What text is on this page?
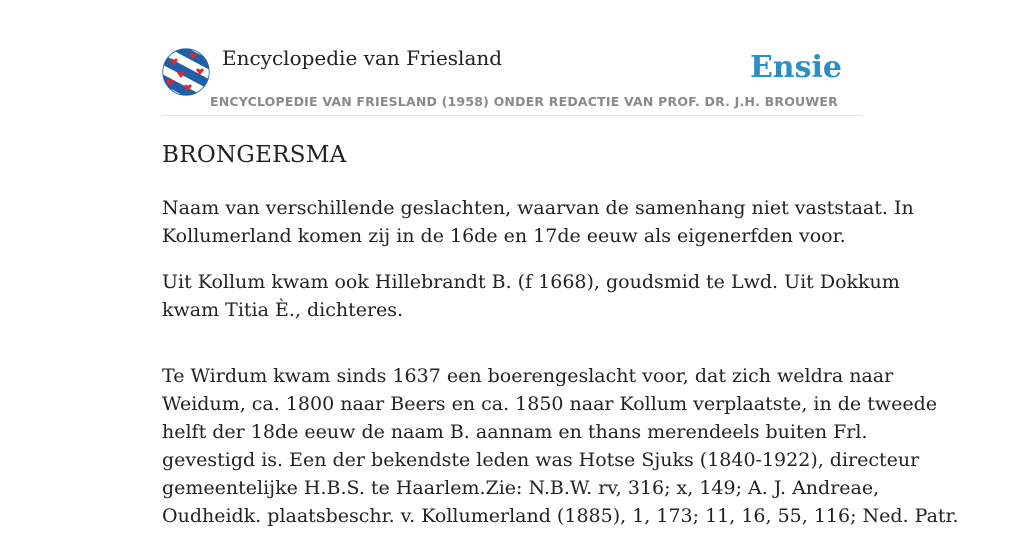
Encyclopedie van Friesland	Ensie
ENCYCLOPEDIE VAN FRIESLAND (1958) ONDER REDACTIE VAN PROF. DR. J.H. BROUWER
BRONGERSMA

Naam van verschillende geslachten, waarvan de samenhang niet vaststaat. In
Kollumerland komen zij in de 16de en 17de eeuw als eigenerfden voor.

Uit Kollum kwam ook Hillebrandt B. (f 1668), goudsmid te Lwd. Uit Dokkum
kwam Titia È., dichteres.

Te Wirdum kwam sinds 1637 een boerengeslacht voor, dat zich weldra naar
Weidum, ca. 1800 naar Beers en ca. 1850 naar Kollum verplaatste, in de tweede
helft der 18de eeuw de naam B. aannam en thans merendeels buiten Frl.
gevestigd is. Een der bekendste leden was Hotse Sjuks (1840-1922), directeur
gemeentelijke H.B.S. te Haarlem.Zie: N.B.W. rv, 316; x, 149; A. J. Andreae,
Oudheidk. plaatsbeschr. v. Kollumerland (1885), 1, 173; 11, 16, 55, 116; Ned. Patr.
